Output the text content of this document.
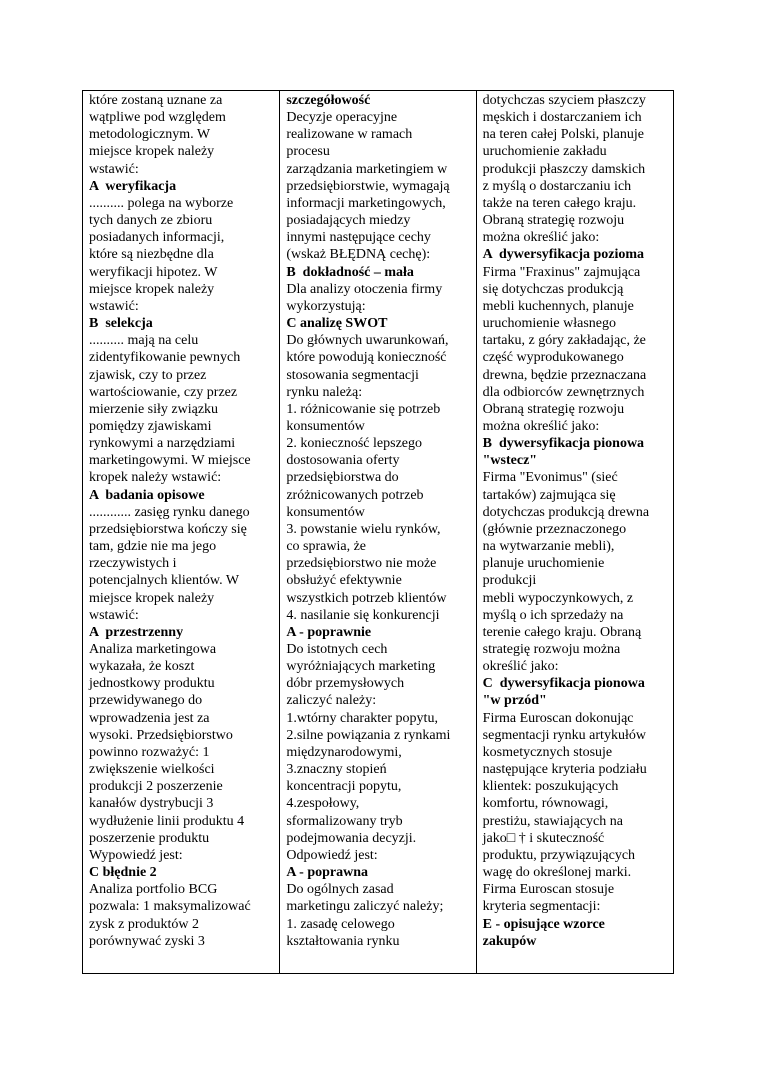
które zostaną uznane za
wątpliwe pod względem
metodologicznym. W
miejsce kropek należy
wstawić:
A  weryfikacja
.......... polega na wyborze
tych danych ze zbioru
posiadanych informacji,
które są niezbędne dla
weryfikacji hipotez. W
miejsce kropek należy
wstawić:
B  selekcja
.......... mają na celu
zidentyfikowanie pewnych
zjawisk, czy to przez
wartościowanie, czy przez
mierzenie siły związku
pomiędzy zjawiskami
rynkowymi a narzędziami
marketingowymi. W miejsce
kropek należy wstawić:
A  badania opisowe
............ zasięg rynku danego
przedsiębiorstwa kończy się
tam, gdzie nie ma jego
rzeczywistych i
potencjalnych klientów. W
miejsce kropek należy
wstawić:
A  przestrzenny
Analiza marketingowa
wykazała, że koszt
jednostkowy produktu
przewidywanego do
wprowadzenia jest za
wysoki. Przedsiębiorstwo
powinno rozważyć: 1
zwiększenie wielkości
produkcji 2 poszerzenie
kanałów dystrybucji 3
wydłużenie linii produktu 4
poszerzenie produktu
Wypowiedź jest:
C błędnie 2
Analiza portfolio BCG
pozwala: 1 maksymalizować
zysk z produktów 2
porównywać zyski 3
szczegółowość
Decyzje operacyjne
realizowane w ramach
procesu
zarządzania marketingiem w
przedsiębiorstwie, wymagają
informacji marketingowych,
posiadających miedzy
innymi następujące cechy
(wskaż BŁĘDNĄ cechę):
B  dokładność – mała
Dla analizy otoczenia firmy
wykorzystują:
C analizę SWOT
Do głównych uwarunkowań,
które powodują konieczność
stosowania segmentacji
rynku należą:
1. różnicowanie się potrzeb
konsumentów
2. konieczność lepszego
dostosowania oferty
przedsiębiorstwa do
zróżnicowanych potrzeb
konsumentów
3. powstanie wielu rynków,
co sprawia, że
przedsiębiorstwo nie może
obsłużyć efektywnie
wszystkich potrzeb klientów
4. nasilanie się konkurencji
A - poprawnie
Do istotnych cech
wyróżniających marketing
dóbr przemysłowych
zaliczyć należy:
1.wtórny charakter popytu,
2.silne powiązania z rynkami
międzynarodowymi,
3.znaczny stopień
koncentracji popytu,
4.zespołowy,
sformalizowany tryb
podejmowania decyzji.
Odpowiedź jest:
A - poprawna
Do ogólnych zasad
marketingu zaliczyć należy;
1. zasadę celowego
kształtowania rynku
dotychczas szyciem płaszczy
męskich i dostarczaniem ich
na teren całej Polski, planuje
uruchomienie zakładu
produkcji płaszczy damskich
z myślą o dostarczaniu ich
także na teren całego kraju.
Obraną strategię rozwoju
można określić jako:
A  dywersyfikacja pozioma
Firma "Fraxinus" zajmująca
się dotychczas produkcją
mebli kuchennych, planuje
uruchomienie własnego
tartaku, z góry zakładając, że
część wyprodukowanego
drewna, będzie przeznaczana
dla odbiorców zewnętrznych
Obraną strategię rozwoju
można określić jako:
B  dywersyfikacja pionowa
"wstecz"
Firma "Evonimus" (sieć
tartaków) zajmująca się
dotychczas produkcją drewna
(głównie przeznaczonego
na wytwarzanie mebli),
planuje uruchomienie
produkcji
mebli wypoczynkowych, z
myślą o ich sprzedaży na
terenie całego kraju. Obraną
strategię rozwoju można
określić jako:
C  dywersyfikacja pionowa
"w przód"
Firma Euroscan dokonując
segmentacji rynku artykułów
kosmetycznych stosuje
następujące kryteria podziału
klientek: poszukujących
komfortu, równowagi,
prestiżu, stawiających na
jako□ † i skuteczność
produktu, przywiązujących
wagę do określonej marki.
Firma Euroscan stosuje
kryteria segmentacji:
E - opisujące wzorce
zakupów
